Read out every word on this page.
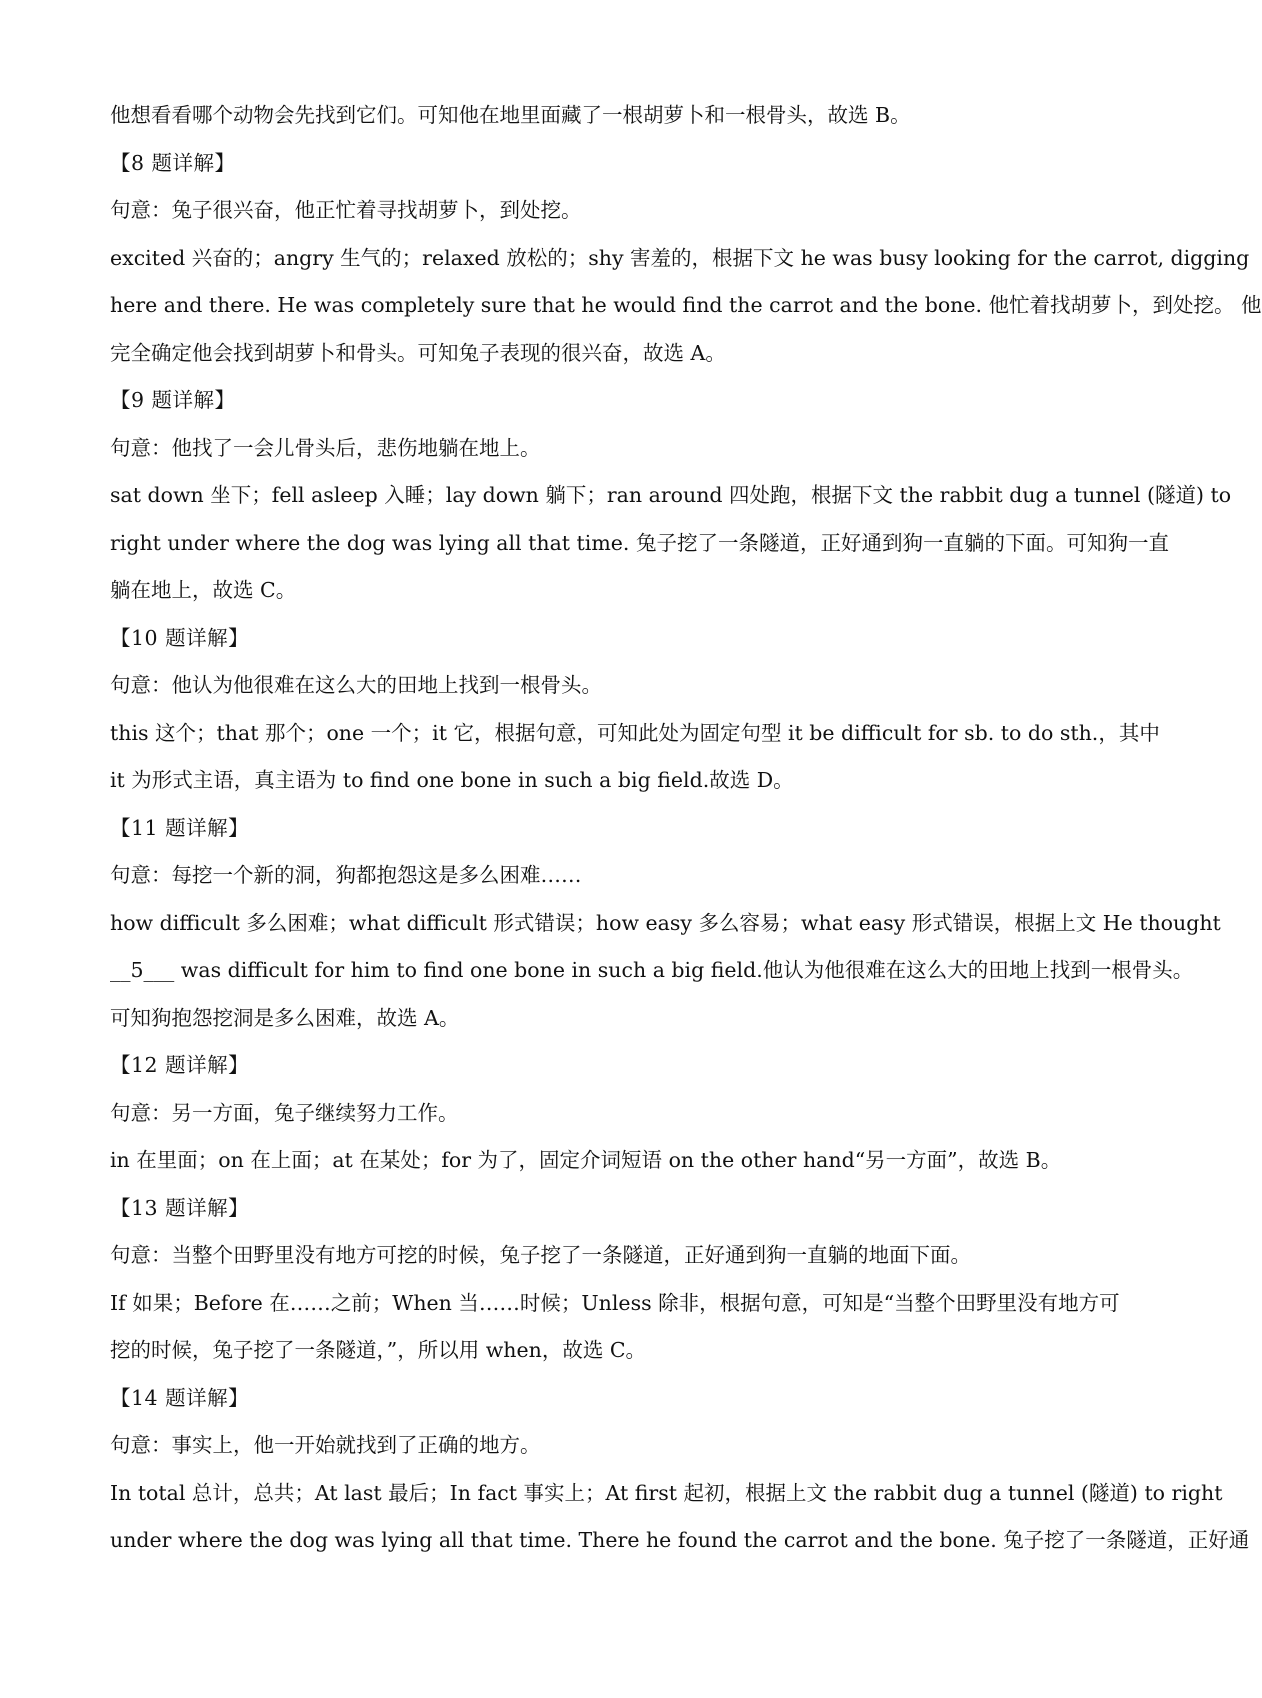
他想看看哪个动物会先找到它们。可知他在地里面藏了一根胡萝卜和一根骨头，故选 B。
【8 题详解】
句意：兔子很兴奋，他正忙着寻找胡萝卜，到处挖。
excited 兴奋的；angry 生气的；relaxed 放松的；shy 害羞的，根据下文 he was busy looking for the carrot, digging
here and there. He was completely sure that he would find the carrot and the bone. 他忙着找胡萝卜，到处挖。 他
完全确定他会找到胡萝卜和骨头。可知兔子表现的很兴奋，故选 A。
【9 题详解】
句意：他找了一会儿骨头后，悲伤地躺在地上。
sat down 坐下；fell asleep 入睡；lay down 躺下；ran around 四处跑，根据下文 the rabbit dug a tunnel (隧道) to
right under where the dog was lying all that time. 兔子挖了一条隧道，正好通到狗一直躺的下面。可知狗一直
躺在地上，故选 C。
【10 题详解】
句意：他认为他很难在这么大的田地上找到一根骨头。
this 这个；that 那个；one 一个；it 它，根据句意，可知此处为固定句型 it be difficult for sb. to do sth.，其中
it 为形式主语，真主语为 to find one bone in such a big field.故选 D。
【11 题详解】
句意：每挖一个新的洞，狗都抱怨这是多么困难……
how difficult 多么困难；what difficult 形式错误；how easy 多么容易；what easy 形式错误，根据上文 He thought
__5___ was difficult for him to find one bone in such a big field.他认为他很难在这么大的田地上找到一根骨头。
可知狗抱怨挖洞是多么困难，故选 A。
【12 题详解】
句意：另一方面，兔子继续努力工作。
in 在里面；on 在上面；at 在某处；for 为了，固定介词短语 on the other hand“另一方面”，故选 B。
【13 题详解】
句意：当整个田野里没有地方可挖的时候，兔子挖了一条隧道，正好通到狗一直躺的地面下面。
If 如果；Before 在……之前；When 当……时候；Unless 除非，根据句意，可知是“当整个田野里没有地方可
挖的时候，兔子挖了一条隧道，”，所以用 when，故选 C。
【14 题详解】
句意：事实上，他一开始就找到了正确的地方。
In total 总计，总共；At last 最后；In fact 事实上；At first 起初，根据上文 the rabbit dug a tunnel (隧道) to right
under where the dog was lying all that time. There he found the carrot and the bone. 兔子挖了一条隧道，正好通
